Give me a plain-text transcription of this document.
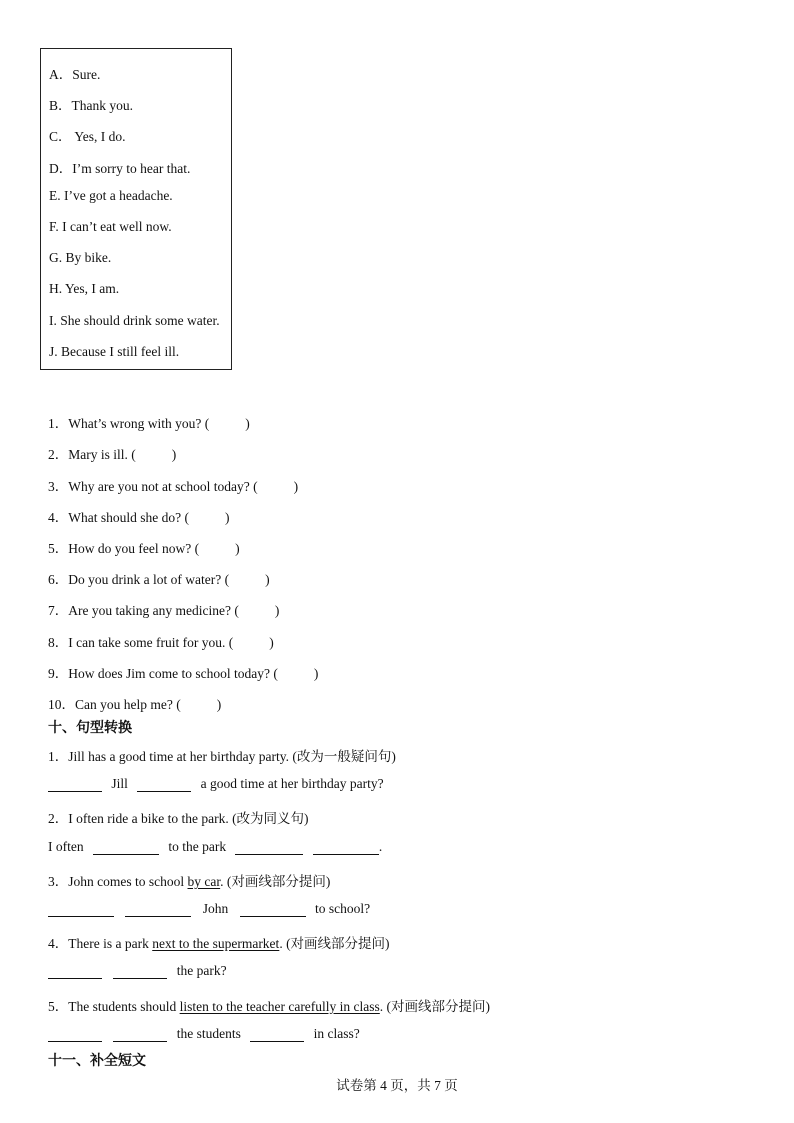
A．Sure.
B．Thank you.
C． Yes, I do.
D．I’m sorry to hear that.
E. I’ve got a headache.
F. I can’t eat well now.
G. By bike.
H. Yes, I am.
I. She should drink some water.
J. Because I still feel ill.
1．What’s wrong with you? (	)
2．Mary is ill. (	)
3．Why are you not at school today? (	)
4．What should she do? (	)
5．How do you feel now? (	)
6．Do you drink a lot of water? (	)
7．Are you taking any medicine? (	)
8．I can take some fruit for you. (	)
9．How does Jim come to school today? (	)
10．Can you help me? (	)
十、句型转换
1．Jill has a good time at her birthday party. (改为一般疑问句)
Jill	a good time at her birthday party?
2．I often ride a bike to the park. (改为同义句)
I often	to the park	.
3．John comes to school by car. (对画线部分提问)
John	to school?
4．There is a park next to the supermarket. (对画线部分提问)
the park?
5．The students should listen to the teacher carefully in class. (对画线部分提问)
the students	in class?
十一、补全短文
试卷第 4 页，共 7 页
